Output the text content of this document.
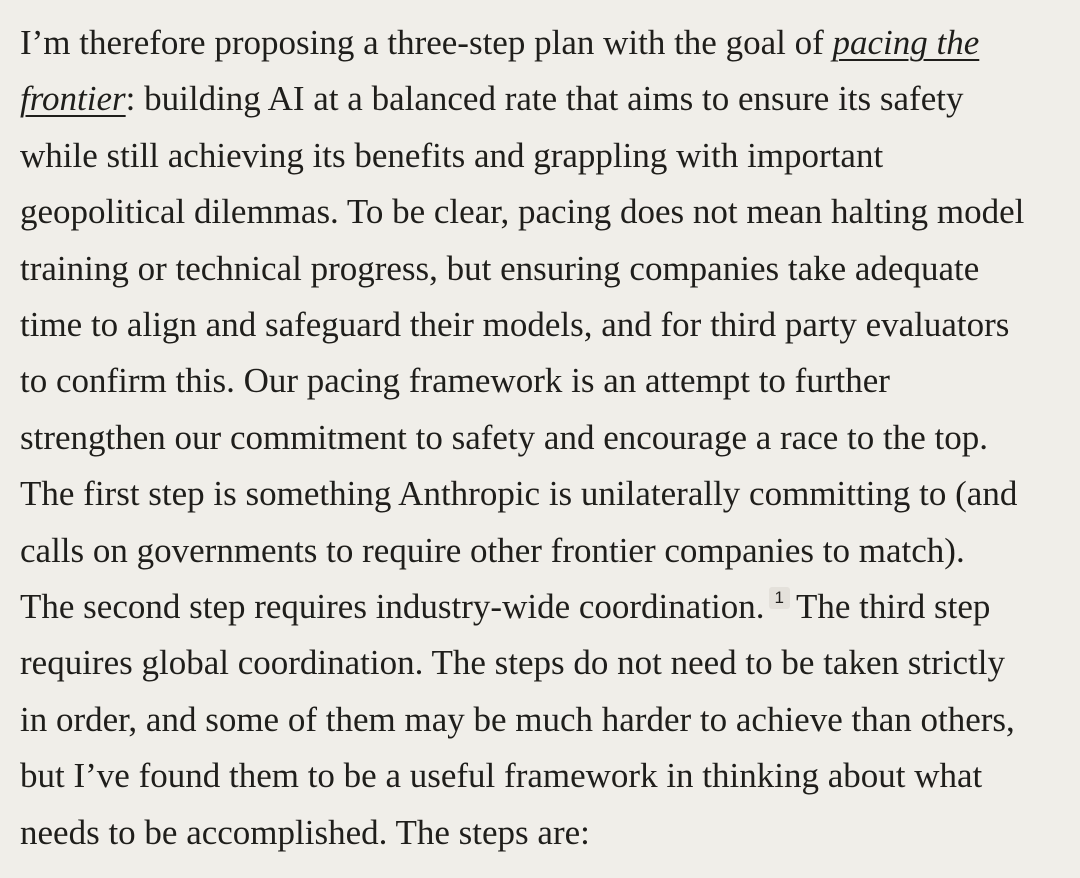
I’m therefore proposing a three-step plan with the goal of pacing the
frontier: building AI at a balanced rate that aims to ensure its safety
while still achieving its benefits and grappling with important
geopolitical dilemmas. To be clear, pacing does not mean halting model
training or technical progress, but ensuring companies take adequate
time to align and safeguard their models, and for third party evaluators
to confirm this. Our pacing framework is an attempt to further
strengthen our commitment to safety and encourage a race to the top.
The first step is something Anthropic is unilaterally committing to (and
calls on governments to require other frontier companies to match).
The second step requires industry-wide coordination. 1 The third step
requires global coordination. The steps do not need to be taken strictly
in order, and some of them may be much harder to achieve than others,
but I’ve found them to be a useful framework in thinking about what
needs to be accomplished. The steps are:
